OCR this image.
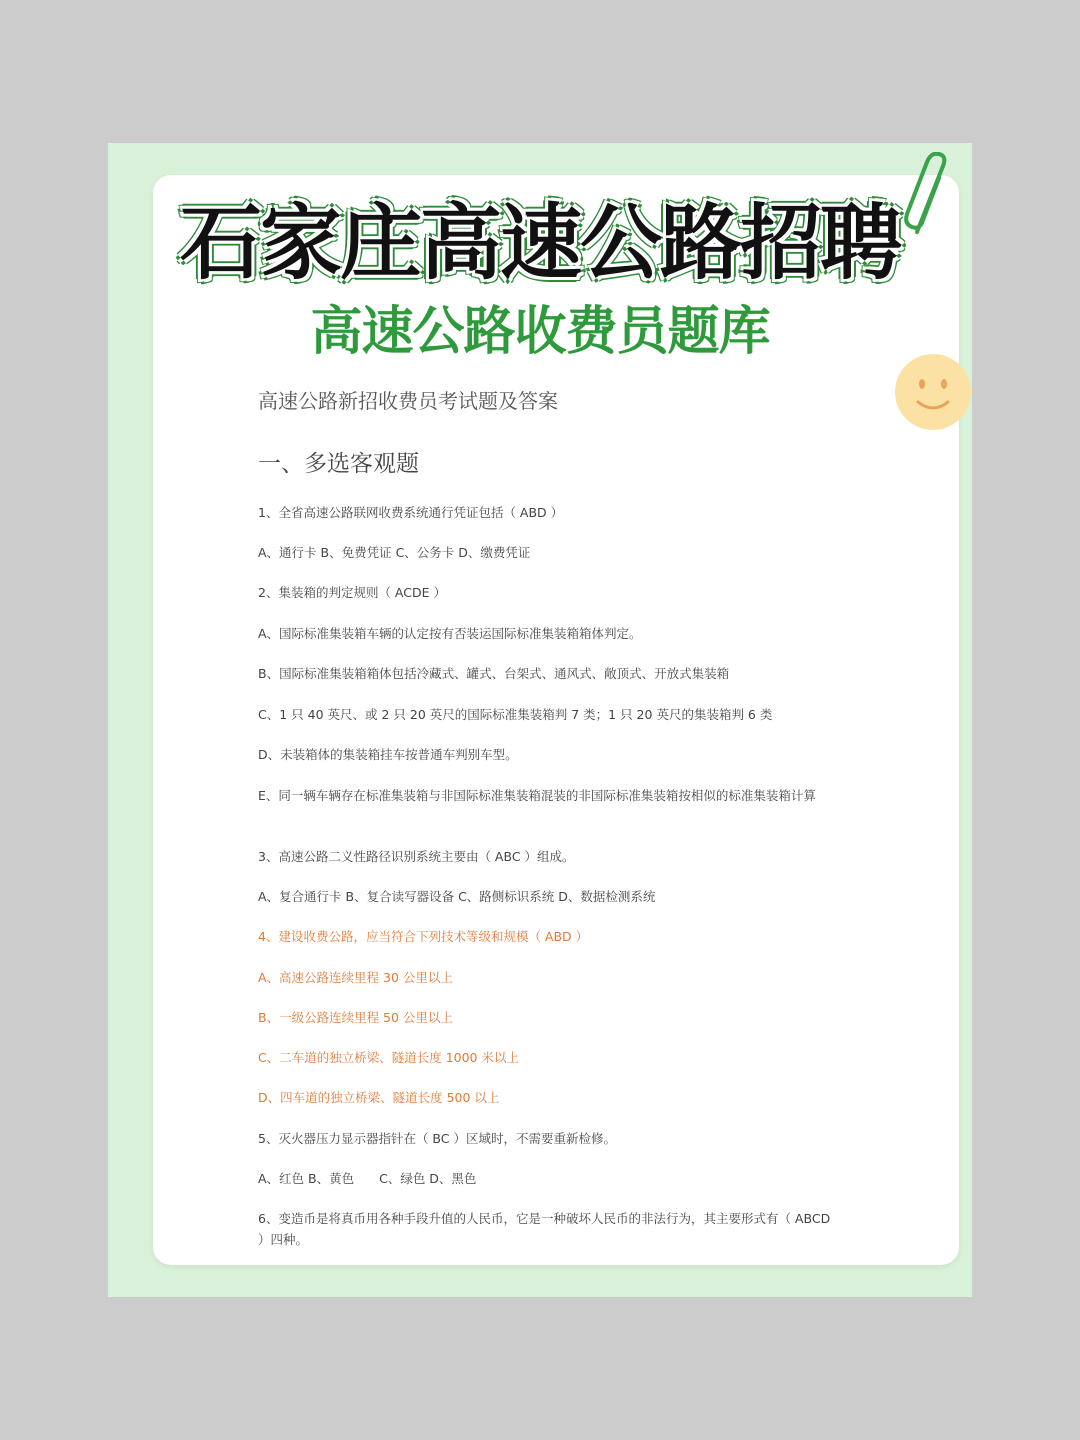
石家庄高速公路招聘
高速公路收费员题库
高速公路新招收费员考试题及答案
一、多选客观题
1、全省高速公路联网收费系统通行凭证包括（ ABD ）
A、通行卡 B、免费凭证 C、公务卡 D、缴费凭证
2、集装箱的判定规则（ ACDE ）
A、国际标准集装箱车辆的认定按有否装运国际标准集装箱箱体判定。
B、国际标准集装箱箱体包括冷藏式、罐式、台架式、通风式、敞顶式、开放式集装箱
C、1 只 40 英尺、或 2 只 20 英尺的国际标准集装箱判 7 类；1 只 20 英尺的集装箱判 6 类
D、未装箱体的集装箱挂车按普通车判别车型。
E、同一辆车辆存在标准集装箱与非国际标准集装箱混装的非国际标准集装箱按相似的标准集装箱计算
3、高速公路二义性路径识别系统主要由（ ABC ）组成。
A、复合通行卡 B、复合读写器设备 C、路侧标识系统 D、数据检测系统
4、建设收费公路，应当符合下列技术等级和规模（ ABD ）
A、高速公路连续里程 30 公里以上
B、一级公路连续里程 50 公里以上
C、二车道的独立桥梁、隧道长度 1000 米以上
D、四车道的独立桥梁、隧道长度 500 以上
5、灭火器压力显示器指针在（ BC ）区域时，不需要重新检修。
A、红色 B、黄色　　C、绿色 D、黑色
6、变造币是将真币用各种手段升值的人民币，它是一种破坏人民币的非法行为，其主要形式有（ ABCD ）四种。
